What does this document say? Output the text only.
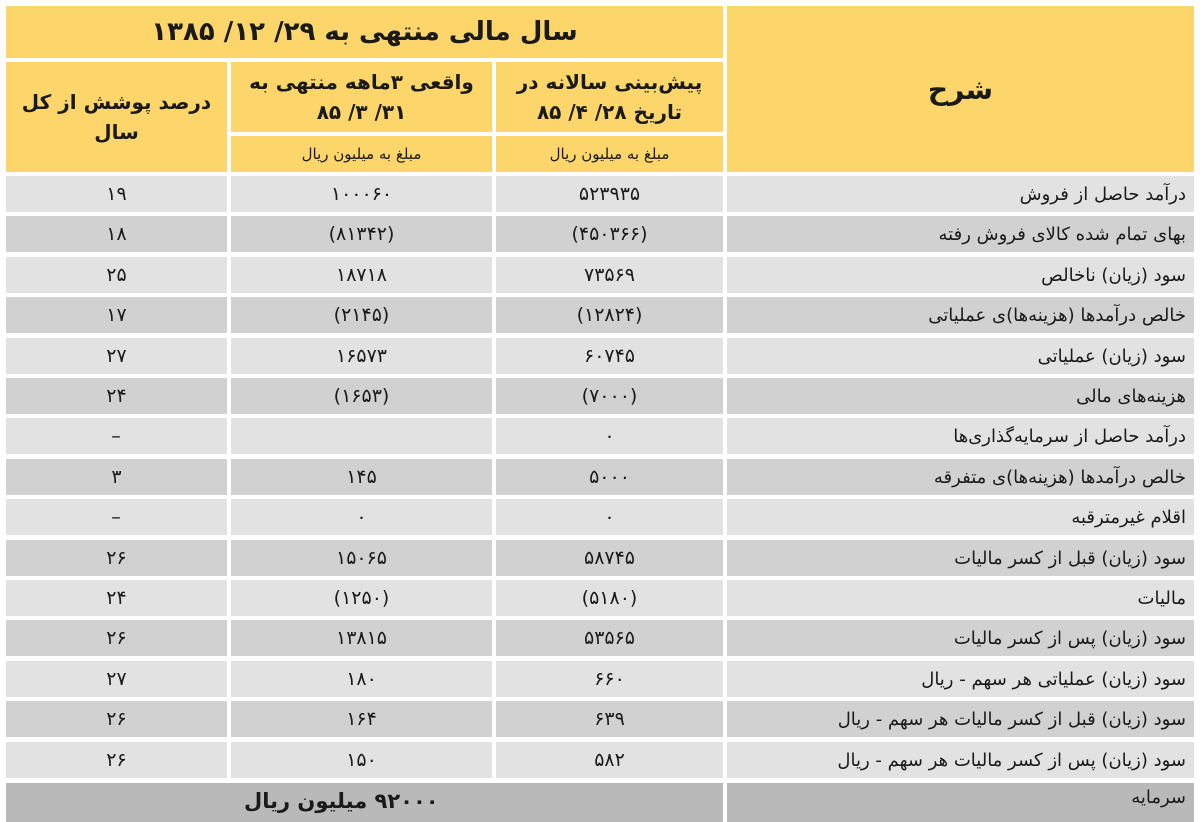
سال مالی منتهی به ۲۹/ ۱۲/ ۱۳۸۵
شرح
درصد پوشش از کل سال
واقعی ۳ماهه منتهی به ۳۱/ ۳/ ۸۵
پیش‌بینی سالانه در تاریخ ۲۸/ ۴/ ۸۵
مبلغ به میلیون ریال	مبلغ به میلیون ریال
درآمد حاصل از فروش
۵۲۳۹۳۵
۱۰۰۰۶۰
۱۹
بهای تمام شده کالای فروش رفته
(۴۵۰۳۶۶)
(۸۱۳۴۲)
۱۸
سود (زیان) ناخالص
۷۳۵۶۹
۱۸۷۱۸
۲۵
خالص درآمدها (هزینه‌ها)ی عملیاتی
(۱۲۸۲۴)
(۲۱۴۵)
۱۷
سود (زیان) عملیاتی
۶۰۷۴۵
۱۶۵۷۳
۲۷
هزینه‌های مالی
(۷۰۰۰)
(۱۶۵۳)
۲۴
درآمد حاصل از سرمایه‌گذاری‌ها
۰
–
خالص درآمدها (هزینه‌ها)ی متفرقه
۵۰۰۰
۱۴۵
۳
اقلام غیرمترقبه
۰
۰
–
سود (زیان) قبل از کسر مالیات
۵۸۷۴۵
۱۵۰۶۵
۲۶
مالیات
(۵۱۸۰)
(۱۲۵۰)
۲۴
سود (زیان) پس از کسر مالیات
۵۳۵۶۵
۱۳۸۱۵
۲۶
سود (زیان) عملیاتی هر سهم - ریال
۶۶۰
۱۸۰
۲۷
سود (زیان) قبل از کسر مالیات هر سهم - ریال
۶۳۹
۱۶۴
۲۶
سود (زیان) پس از کسر مالیات هر سهم - ریال
۵۸۲
۱۵۰
۲۶
سرمایه
۹۲۰۰۰ میلیون ریال
